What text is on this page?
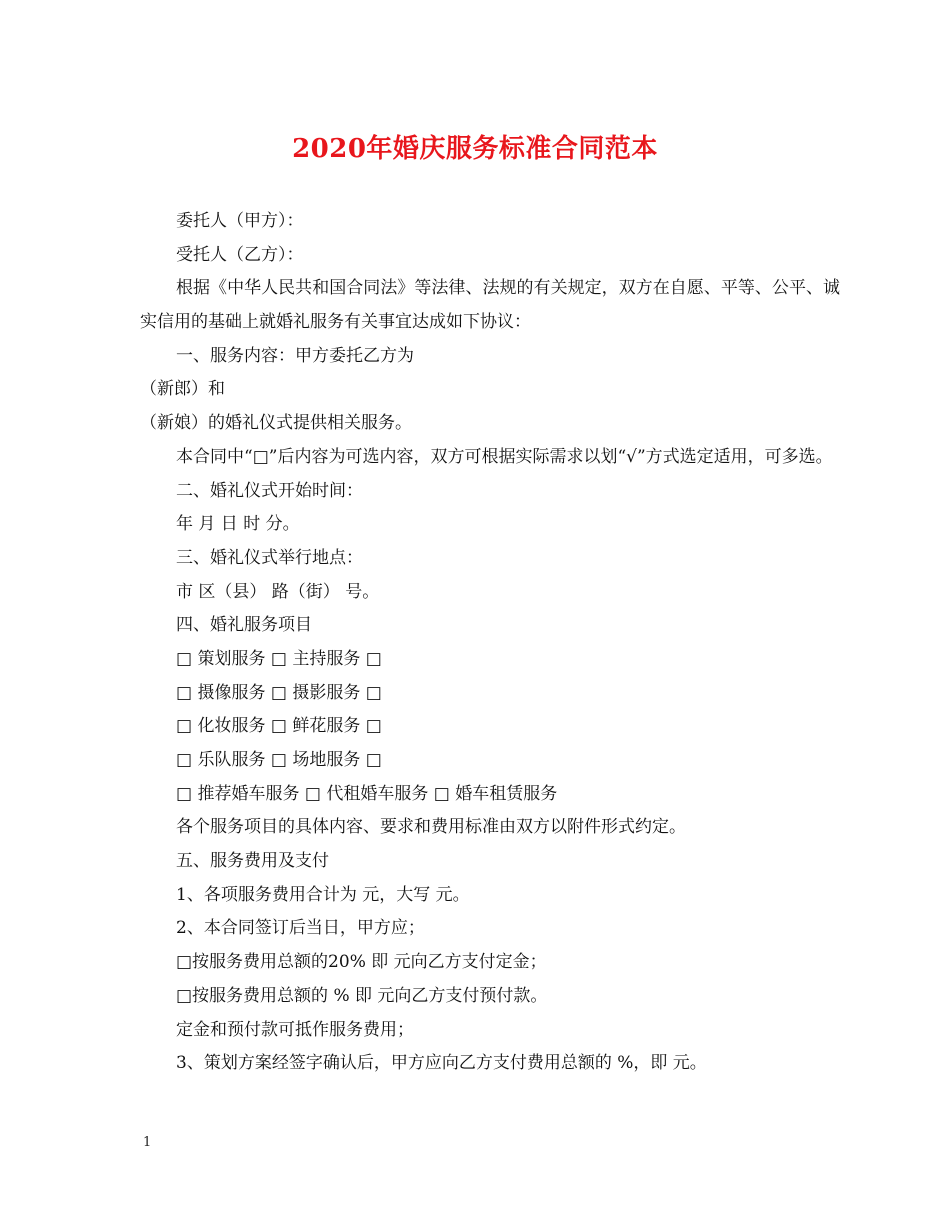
2020年婚庆服务标准合同范本
委托人（甲方）：
受托人（乙方）：
根据《中华人民共和国合同法》等法律、法规的有关规定，双方在自愿、平等、公平、诚实信用的基础上就婚礼服务有关事宜达成如下协议：
一、服务内容：甲方委托乙方为
（新郎）和
（新娘）的婚礼仪式提供相关服务。
本合同中“□”后内容为可选内容，双方可根据实际需求以划“√”方式选定适用，可多选。
二、婚礼仪式开始时间：
年 月 日 时 分。
三、婚礼仪式举行地点：
市 区（县） 路（街） 号。
四、婚礼服务项目
□ 策划服务 □ 主持服务 □
□ 摄像服务 □ 摄影服务 □
□ 化妆服务 □ 鲜花服务 □
□ 乐队服务 □ 场地服务 □
□ 推荐婚车服务 □ 代租婚车服务 □ 婚车租赁服务
各个服务项目的具体内容、要求和费用标准由双方以附件形式约定。
五、服务费用及支付
1、各项服务费用合计为 元，大写 元。
2、本合同签订后当日，甲方应；
□按服务费用总额的20% 即 元向乙方支付定金；
□按服务费用总额的 % 即 元向乙方支付预付款。
定金和预付款可抵作服务费用；
3、策划方案经签字确认后，甲方应向乙方支付费用总额的 %，即 元。
1
